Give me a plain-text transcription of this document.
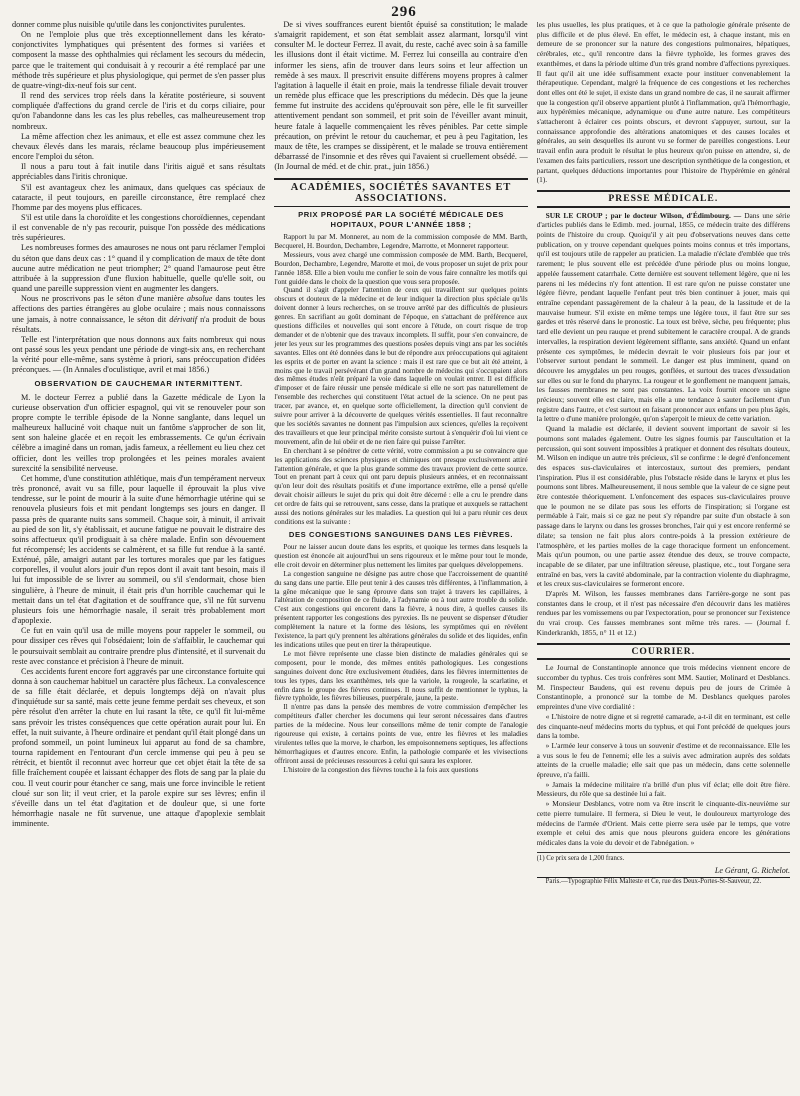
296

donner comme plus nuisible qu'utile dans les conjonctivites purulentes.

On ne l'emploie plus que très exceptionnellement dans les kérato-conjonctivites lymphatiques qui présentent des formes si variées et composent la masse des ophthalmies qui réclament les secours du médecin, parce que le traitement qui conduisait à y recourir a été remplacé par une méthode très supérieure et plus physiologique, qui permet de s'en passer plus de quatre-vingt-dix-neuf fois sur cent.

Il rend des services trop réels dans la kératite postérieure, si souvent compliquée d'affections du grand cercle de l'iris et du corps ciliaire, pour qu'on l'abandonne dans les cas les plus rebelles, cas malheureusement trop nombreux.

La même affection chez les animaux, et elle est assez commune chez les chevaux élevés dans les marais, réclame beaucoup plus impérieusement encore l'emploi du séton.

Il nous a paru tout à fait inutile dans l'iritis aiguë et sans résultats appréciables dans l'iritis chronique.

S'il est avantageux chez les animaux, dans quelques cas spéciaux de cataracte, il peut toujours, en pareille circonstance, être remplacé chez l'homme par des moyens plus efficaces.

S'il est utile dans la choroïdite et les congestions choroïdiennes, cependant il est convenable de n'y pas recourir, puisque l'on possède des médications très supérieures.

Les nombreuses formes des amauroses ne nous ont paru réclamer l'emploi du séton que dans deux cas : 1° quand il y complication de maux de tête dont aucune autre médication ne peut triompher; 2° quand l'amaurose peut être attribuée à la suppression d'une fluxion habituelle, quelle qu'elle soit, ou quand une pareille suppression vient en augmenter les dangers.

Nous ne proscrivons pas le séton d'une manière absolue dans toutes les affections des parties étrangères au globe oculaire ; mais nous connaissons une jamais, à notre connaissance, le séton dit dérivatif n'a produit de bous résultats.

Telle est l'interprétation que nous donnons aux faits nombreux qui nous ont passé sous les yeux pendant une période de vingt-six ans, en recherchant la vérité pour elle-même, sans système à priori, sans préoccupation d'idées préconçues. — (In Annales d'oculistique, avril et mai 1856.)

OBSERVATION DE CAUCHEMAR INTERMITTENT.

M. le docteur Ferrez a publié dans la Gazette médicale de Lyon la curieuse observation d'un officier espagnol, qui vit se renouveler pour son propre compte le terrible épisode de la Nonne sanglante, dans lequel un malheureux halluciné voit chaque nuit un fantôme s'approcher de son lit, sent son haleine glacée et en reçoit les embrassements. Ce qu'un écrivain célèbre a imaginé dans un roman, jadis fameux, a réellement eu lieu chez cet officier, dont les veilles trop prolongées et les peines morales avaient surexcité la sensibilité nerveuse.

Cet homme, d'une constitution athlétique, mais d'un tempérament nerveux très prononcé, avait vu sa fille, pour laquelle il éprouvait la plus vive tendresse, sur le point de mourir à la suite d'une hémorrhagie utérine qui se renouvela plusieurs fois et mit pendant longtemps ses jours en danger. Il passa près de quarante nuits sans sommeil. Chaque soir, à minuit, il arrivait au pied de son lit, s'y établissait, et aucune fatigue ne pouvait le distraire des soins affectueux qu'il prodiguait à sa chère malade. Enfin son dévouement fut récompensé; les accidents se calmèrent, et sa fille fut rendue à la santé. Exténué, pâle, amaigri autant par les tortures morales que par les fatigues corporelles, il voulut alors jouir d'un repos dont il avait tant besoin, mais il lui fut impossible de se livrer au sommeil, ou s'il s'endormait, chose bien singulière, à l'heure de minuit, il était pris d'un horrible cauchemar qui le mettait dans un tel état d'agitation et de souffrance que, s'il ne fût survenu plusieurs fois une hémorrhagie nasale, il serait très probablement mort d'apoplexie.

Ce fut en vain qu'il usa de mille moyens pour rappeler le sommeil, ou pour dissiper ces rêves qui l'obsédaient; loin de s'affaiblir, le cauchemar qui le poursuivait semblait au contraire prendre plus d'intensité, et il survenait du reste avec constance et précision à l'heure de minuit.

Ces accidents furent encore fort aggravés par une circonstance fortuite qui donna à son cauchemar habituel un caractère plus fâcheux. La convalescence de sa fille était déclarée, et depuis longtemps déjà on n'avait plus d'inquiétude sur sa santé, mais cette jeune femme perdait ses cheveux, et son père résolut d'en arrêter la chute en lui rasant la tête, ce qu'il fit lui-même sans prévoir les tristes conséquences que cette opération aurait pour lui. En effet, la nuit suivante, à l'heure ordinaire et pendant qu'il était plongé dans un profond sommeil, un point lumineux lui apparut au fond de sa chambre, tourna rapidement en l'entourant d'un cercle immense qui peu à peu se rétrécit, et bientôt il reconnut avec horreur que cet objet était la tête de sa fille fraîchement coupée et laissant échapper des flots de sang par la plaie du cou. Il veut courir pour étancher ce sang, mais une force invincible le retient cloué sur son lit; il veut crier, et la parole expire sur ses lèvres; enfin il s'éveille dans un tel état d'agitation et de douleur que, si une forte hémorrhagie nasale ne fût survenue, une attaque d'apoplexie semblait imminente.

De si vives souffrances eurent bientôt épuisé sa constitution; le malade s'amaigrit rapidement, et son état semblait assez alarmant, lorsqu'il vint consulter M. le docteur Ferrez. Il avait, du reste, caché avec soin à sa famille les illusions dont il était victime. M. Ferrez lui conseilla au contraire d'en informer les siens, afin de trouver dans leurs soins et leur affection un remède à ses maux. Il prescrivit ensuite différens moyens propres à calmer l'agitation à laquelle il était en proie, mais la tendresse filiale devait trouver un remède plus efficace que les prescriptions du médecin. Dès que la jeune femme fut instruite des accidens qu'éprouvait son père, elle le fit surveiller attentivement pendant son sommeil, et prit soin de l'éveiller avant minuit, heure fatale à laquelle commençaient les rêves pénibles. Par cette simple précaution, on prévint le retour du cauchemar, et peu à peu l'agitation, les maux de tête, les crampes se dissipèrent, et le malade se trouva entièrement débarrassé de l'insomnie et des rêves qui l'avaient si cruellement obsédé. — (In Journal de méd. et de chir. prat., juin 1856.)

ACADÉMIES, SOCIÉTÉS SAVANTES ET ASSOCIATIONS.
PRIX PROPOSÉ PAR LA SOCIÉTÉ MÉDICALE DES HOPITAUX, POUR L'ANNÉE 1858 ;

Rapport lu par M. Monneret, au nom de la commission composée de MM. Barth, Becquerel, H. Bourdon, Dechambre, Legendre, Marrotte, et Monneret rapporteur.

Messieurs, vous avez chargé une commission composée de MM. Barth, Becquerel, Bourdon, Dechambre, Legendre, Marotte et moi, de vous proposer un sujet de prix pour l'année 1858. Elle a bien voulu me confier le soin de vous faire connaître les motifs qui l'ont guidée dans le choix de la question que vous sera proposée.

Quand il s'agit d'appeler l'attention de ceux qui travaillent sur quelques points obscurs et douteux de la médecine et de leur indiquer la direction plus spéciale qu'ils doivent donner à leurs recherches, on se trouve arrêté par des difficultés de plusieurs genres. En sacrifiant au goût dominant de l'époque, en s'attachant de préférence aux questions difficiles et nouvelles qui sont encore à l'étude, on court risque de trop demander et de n'obtenir que des travaux incomplets. Il suffit, pour s'en convaincre, de jeter les yeux sur les programmes des questions posées depuis vingt ans par les sociétés savantes. Elles ont été données dans le but de répondre aux préoccupations qui agitaient les esprits et de porter en avant la science : mais il est rare que ce but ait été atteint, à moins que le travail persévérant d'un grand nombre de médecins qui s'occupaient alors des mêmes études n'eût préparé la voie dans laquelle on voulait entrer. Il est difficile d'imposer et de faire réussir une pensée médicale si elle ne sort pas naturellement de l'ensemble des recherches qui constituent l'état actuel de la science. On ne peut pas tracer, par avance, et, en quelque sorte officiellement, la direction qu'il convient de suivre pour arriver à la découverte de quelques vérités essentielles. Il faut reconnaître que les sociétés savantes ne donnent pas l'impulsion aux sciences, qu'elles la reçoivent des travailleurs et que leur principal mérite consiste surtout à s'enquérir d'où lui vient ce mouvement, afin de lui obéir et de ne rien faire qui puisse l'arrêter.

En cherchant à se pénétrer de cette vérité, votre commission a pu se convaincre que les applications des sciences physiques et chimiques ont presque exclusivement attiré l'attention générale, et que la plus grande somme des travaux provient de cette source. Tout en prenant part à ceux qui ont paru depuis plusieurs années, et en reconnaissant qu'on leur doit des résultats positifs et d'une importance extrême, elle a pensé qu'elle devait choisir ailleurs le sujet du prix qui doit être décerné : elle a cru le prendre dans cet ordre de faits qui se retrouvent, sans cesse, dans la pratique et auxquels se rattachent aussi des notions générales sur les maladies. La question qui lui a paru réunir ces deux conditions est la suivante :

DES CONGESTIONS SANGUINES DANS LES FIÈVRES.

Pour ne laisser aucun doute dans les esprits, et quoique les termes dans lesquels la question est énoncée ait aujourd'hui un sens rigoureux et le même pour tout le monde, elle croit devoir en déterminer plus nettement les limites par quelques développemens.

La congestion sanguine ne désigne pas autre chose que l'accroissement de quantité du sang dans une partie. Elle peut tenir à des causes très différentes, à l'inflammation, à la gêne mécanique que le sang éprouve dans son trajet à travers les capillaires, à l'altération de composition de ce fluide, à l'adynamie ou à tout autre trouble du solide. C'est aux congestions qui encorent dans la fièvre, à nous dire, à quelles causes ils présentent rapporter les congestions des pyrexies. Ils ne peuvent se dispenser d'étudier complètement la nature et la forme des lésions, les symptômes qui en révèlent l'existence, la part qu'y prennent les altérations générales du solide et des liquides, enfin les indications utiles que peut en tirer la thérapeutique.

Le mot fièvre représente une classe bien distincte de maladies générales qui se composent, pour le monde, des mêmes entités pathologiques. Les congestions sanguines doivent donc être exclusivement étudiées, dans les fièvres intermittentes de tous les types, dans les exanthèmes, tels que la variole, la rougeole, la scarlatine, et enfin dans le groupe des fièvres continues. Il nous suffit de mentionner le typhus, la fièvre typhoïde, les fièvres bilieuses, puerpérale, jaune, la peste.

Il n'entre pas dans la pensée des membres de votre commission d'empêcher les compétiteurs d'aller chercher les documens qui leur seront nécessaires dans d'autres parties de la médecine. Nous leur conseillons même de tenir compte de l'analogie rigoureuse qui existe, à certains points de vue, entre les fièvres et les maladies virulentes telles que la morve, le charbon, les empoisonnemens septiques, les affections hémorrhagiques et d'autres encore. Enfin, la pathologie comparée et les vivisections offriront aussi de précieuses ressources à celui qui saura les explorer.

L'histoire de la congestion des fièvres touche à la fois aux questions

les plus usuelles, les plus pratiques, et à ce que la pathologie générale présente de plus difficile et de plus élevé. En effet, le médecin est, à chaque instant, mis en demeure de se prononcer sur la nature des congestions pulmonaires, hépatiques, cérébrales, etc., qu'il rencontre dans la fièvre typhoïde, les formes graves des exanthèmes, et dans la période ultime d'un très grand nombre d'affections pyrexiques. Il faut qu'il ait une idée suffisamment exacte pour instituer convenablement la thérapeutique. Cependant, malgré la fréquence de ces congestions et les recherches dont elles ont été le sujet, il existe dans un grand nombre de cas, il ne saurait affirmer que la congestion qu'il observe appartient plutôt à l'inflammation, qu'à l'hémorrhagie, aux hypérémies mécanique, adynamique ou d'une autre nature. Les compétiteurs s'attacheront à éclairer ces points obscurs, et devront s'appuyer, surtout, sur la connaissance approfondie des altérations anatomiques et des causes locales et générales, au sein desquelles ils auront vu se former de pareilles congestions. Leur travail enfin aura produit le résultat le plus heureux qu'on puisse en attendre, si, de l'examen des faits particuliers, ressort une description synthétique de la congestion, et partant, quelques déductions importantes pour l'histoire de l'hypérémie en général (1).

PRESSE MÉDICALE.

SUR LE CROUP ; par le docteur Wilson, d'Édimbourg. — Dans une série d'articles publiés dans le Edimb. med. journal, 1855, ce médecin traite des différens points de l'histoire du croup. Quoiqu'il y ait peu d'observations neuves dans cette publication, on y trouve cependant quelques points moins connus et très importans, qu'il est toujours utile de rappeler au praticien. La maladie n'éclate d'emblée que très rarement; le plus souvent elle est précédée d'une période plus ou moins longue, appelée faussement catarrhale. Cette dernière est souvent tellement légère, que ni les parens ni les médecins n'y font attention. Il est rare qu'on ne puisse constater une légère fièvre, pendant laquelle l'enfant peut très bien continuer à jouer, mais qui entraîne cependant passagèrement de la chaleur à la peau, de la lassitude et de la mauvaise humeur. S'il existe en même temps une légère toux, il faut être sur ses gardes et très réservé dans le pronostic. La toux est brève, sèche, peu fréquente; plus tard elle devient un peu rauque et prend subitement le caractère croupal. A de grands intervalles, la respiration devient légèrement sifflante, sans anxiété. Quand un enfant présente ces symptômes, le médecin devrait le voir plusieurs fois par jour et l'observer surtout pendant le sommeil. Le danger est plus imminent, quand on découvre les amygdales un peu rouges, gonflées, et surtout des traces d'exsudation sur elles ou sur le fond du pharynx. La rougeur et le gonflement ne manquent jamais, les fausses membranes ne sont pas constantes. La voix fournit encore un signe précieux; souvent elle est claire, mais elle a une tendance à sauter facilement d'un registre dans l'autre, et c'est surtout en faisant prononcer aux enfans un peu plus âgés, la lettre o d'une manière prolongée, qu'on s'aperçoit le mieux de cette variation.

Quand la maladie est déclarée, il devient souvent important de savoir si les poumons sont malades également. Outre les signes fournis par l'auscultation et la percussion, qui sont souvent impossibles à pratiquer et donnent des résultats douteux, M. Wilson en indique un autre très précieux, s'il se confirme : le degré d'enfoncement des espaces sus-claviculaires et intercostaux, surtout des premiers, pendant l'inspiration. Plus il est considérable, plus l'obstacle réside dans le larynx et plus les poumons sont libres. Malheureusement, il nous semble que la valeur de ce signe peut être contestée théoriquement. L'enfoncement des espaces sus-claviculaires prouve que le poumon ne se dilate pas sous les efforts de l'inspiration; si l'organe est perméable à l'air, mais si ce gaz ne peut s'y répandre par suite d'un obstacle à son passage dans le larynx ou dans les grosses bronches, l'air qui y est encore renfermé se dilate; sa tension ne fait plus alors contre-poids à la pression extérieure de l'atmosphère, et les parties molles de la cage thoracique forment un enfoncement. Mais qu'un poumon, ou une partie assez étendue des deux, se trouve compacte, incapable de se dilater, par une infiltration séreuse, plastique, etc., tout l'organe sera entraîné en bas, vers la cavité abdominale, par la contraction violente du diaphragme, et les creux sus-claviculaires se formeront encore.

D'après M. Wilson, les fausses membranes dans l'arrière-gorge ne sont pas constantes dans le croup, et il n'est pas nécessaire d'en découvrir dans les matières rendues par les vomissemens ou par l'expectoration, pour se prononcer sur l'existence du vrai croup. Ces fausses membranes sont même très rares. — (Journal f. Kinderkrankh, 1855, n° 11 et 12.)

COURRIER.

Le Journal de Constantinople annonce que trois médecins viennent encore de succomber du typhus. Ces trois confrères sont MM. Sautier, Molinard et Desblancs. M. l'inspecteur Baudens, qui est revenu depuis peu de jours de Crimée à Constantinople, a prononcé sur la tombe de M. Desblancs quelques paroles empreintes d'une vive cordialité :

« L'histoire de notre digne et si regretté camarade, a-t-il dit en terminant, est celle des cinquante-neuf médecins morts du typhus, et qui l'ont précédé de quelques jours dans la tombe.

» L'armée leur conserve à tous un souvenir d'estime et de reconnaissance. Elle les a vus sous le feu de l'ennemi; elle les a suivis avec admiration auprès des soldats atteints de la cruelle maladie; elle sait que pas un médecin, dans cette solennelle épreuve, n'a failli.

» Jamais la médecine militaire n'a brillé d'un plus vif éclat; elle doit être fière. Messieurs, du rôle que sa destinée lui a fait.

» Monsieur Desblancs, votre nom va être inscrit le cinquante-dix-neuvième sur cette pierre tumulaire. Il fermera, si Dieu le veut, le douloureux martyrologe des médecins de l'armée d'Orient. Mais cette pierre sera usée par le temps, que votre exemple et celui des amis que nous pleurons guidera encore les générations médicales dans la voie du devoir et de l'abnégation. »

(1) Ce prix sera de 1,200 francs.
Le Gérant, G. Richelot.

Paris.—Typographie Félix Malteste et Ce, rue des Deux-Portes-St-Sauveur, 22.
